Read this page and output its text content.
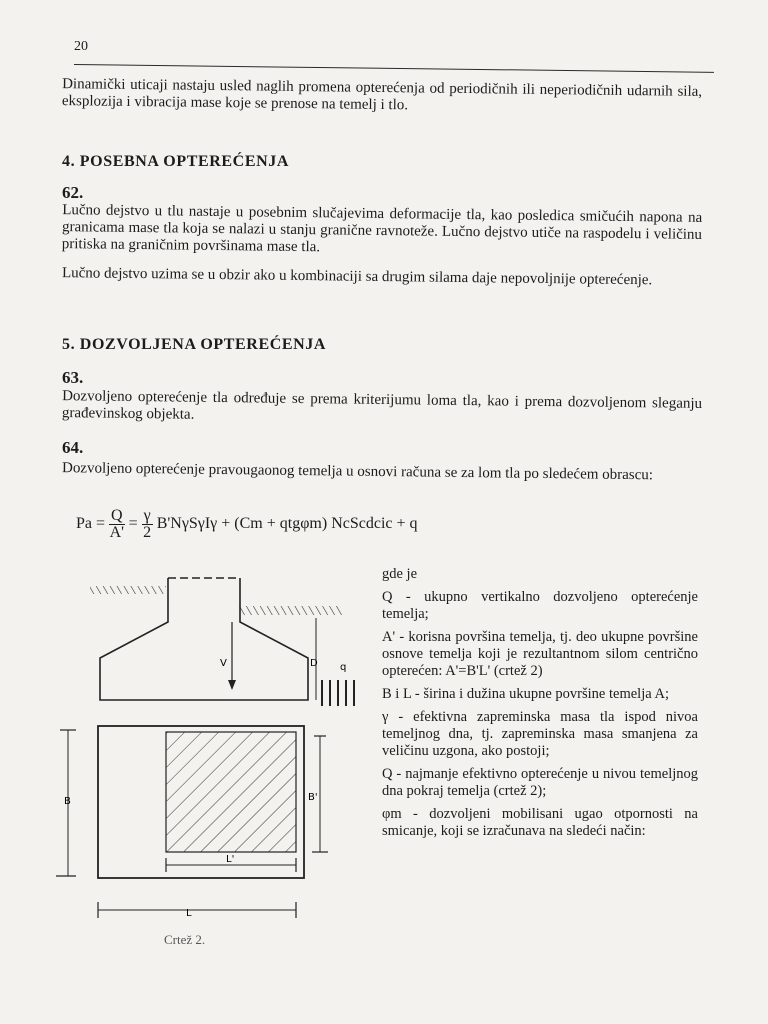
20
Dinamički uticaji nastaju usled naglih promena opterećenja od periodičnih ili neperiodičnih udarnih sila, eksplozija i vibracija mase koje se prenose na temelj i tlo.
4. POSEBNA OPTEREĆENJA
62.
Lučno dejstvo u tlu nastaje u posebnim slučajevima deformacije tla, kao posledica smičućih napona na granicama mase tla koja se nalazi u stanju granične ravnoteže. Lučno dejstvo utiče na raspodelu i veličinu pritiska na graničnim površinama mase tla.
Lučno dejstvo uzima se u obzir ako u kombinaciji sa drugim silama daje nepovoljnije opterećenje.
5. DOZVOLJENA OPTEREĆENJA
63.
Dozvoljeno opterećenje tla određuje se prema kriterijumu loma tla, kao i prema dozvoljenom sleganju građevinskog objekta.
64.
Dozvoljeno opterećenje pravougaonog temelja u osnovi računa se za lom tla po sledećem obrascu:
$Pa = \frac{Q}{A'} = \frac{\gamma}{2} B'N\gamma S\gamma I\gamma + (Cm + qtg\varphi m)$ NcScdcic + q

gde je

Q - ukupno vertikalno dozvoljeno opterećenje temelja;

A' - korisna površina temelja, tj. deo ukupne površine osnove temelja koji je rezultantnom silom centrično opterećen: A'=B'L' (crtež 2)

B i L - širina i dužina ukupne površine temelja A;

γ - efektivna zapreminska masa tla ispod nivoa temeljnog dna, tj. zapreminska masa smanjena za veličinu uzgona, ako postoji;

Q - najmanje efektivno opterećenje u nivou temeljnog dna pokraj temelja (crtež 2);

φm - dozvoljeni mobilisani ugao otpornosti na smicanje, koji se izračunava na sledeći način:

V	D q
B	B'
L'
L
Crtež 2.
